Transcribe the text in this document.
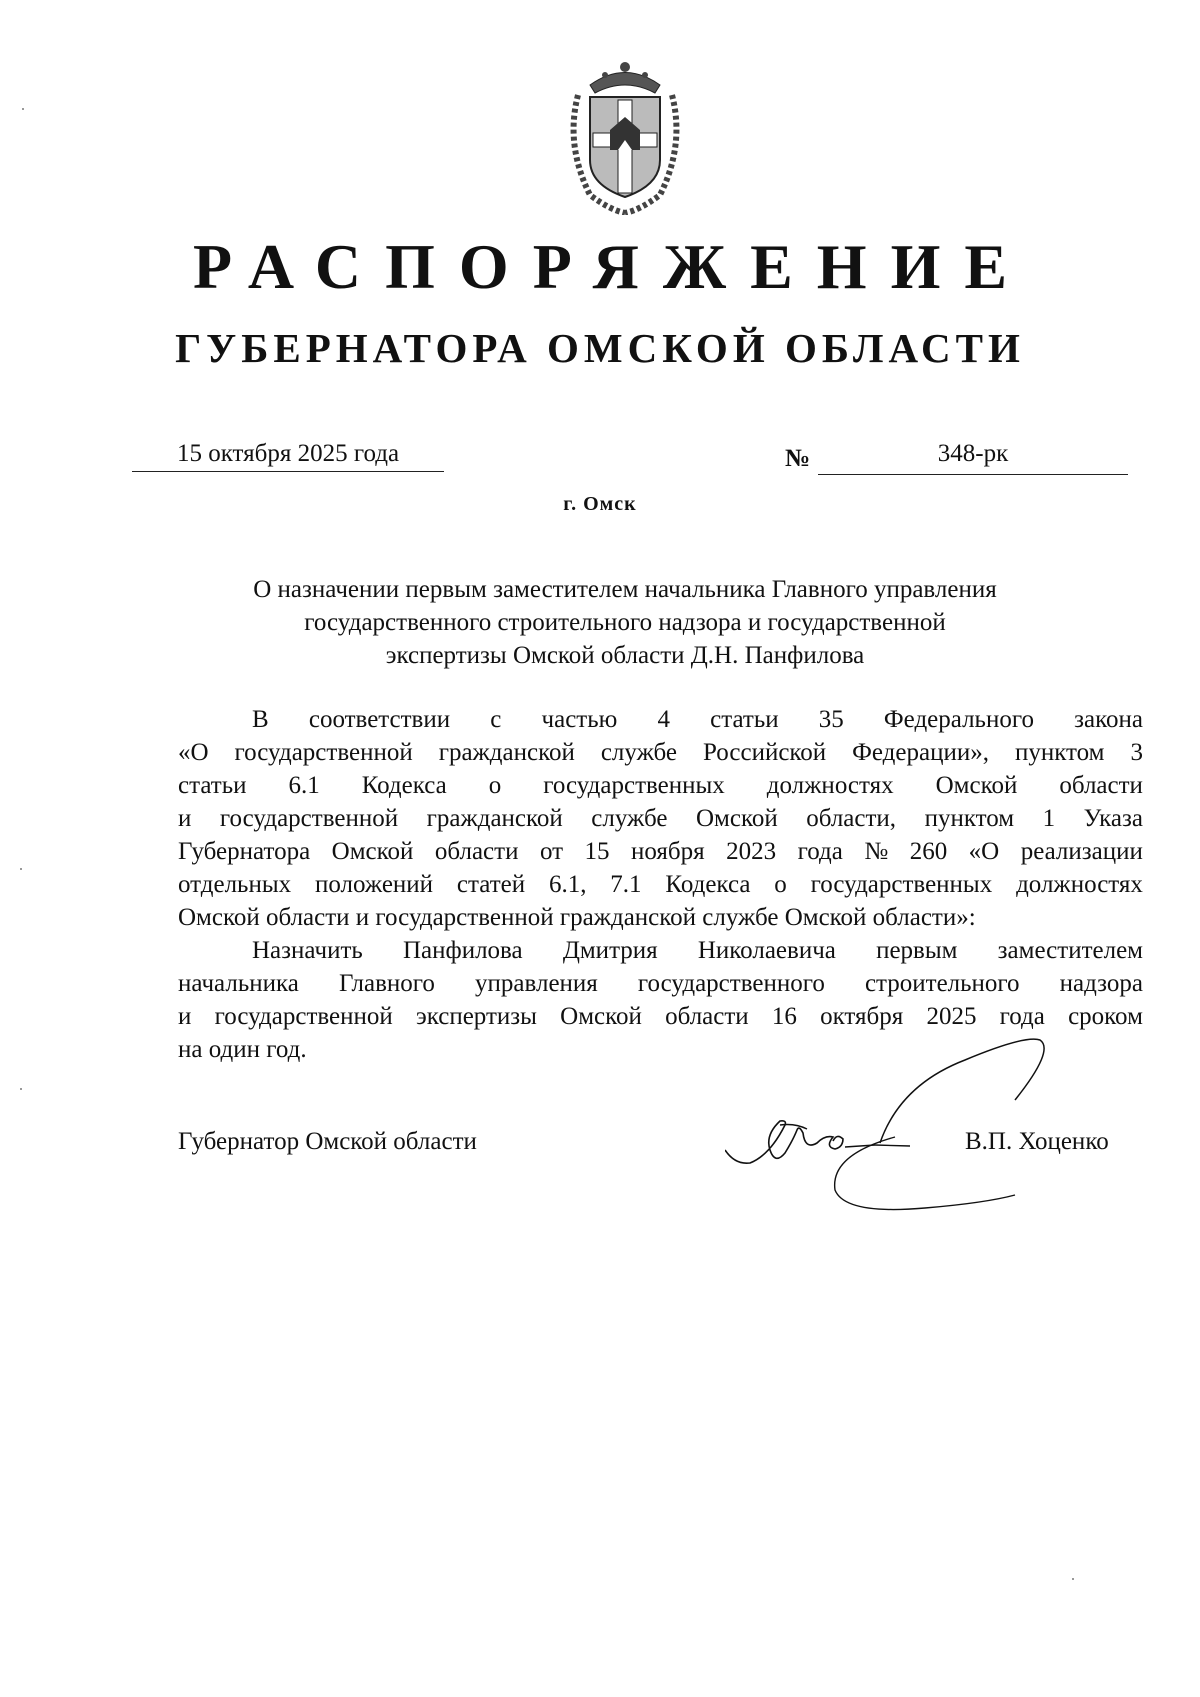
РАСПОРЯЖЕНИЕ
ГУБЕРНАТОРА ОМСКОЙ ОБЛАСТИ
15 октября 2025 года	№	348-рк
г. Омск
О назначении первым заместителем начальника Главного управления
государственного строительного надзора и государственной
экспертизы Омской области Д.Н. Панфилова
В соответствии с частью 4 статьи 35 Федерального закона
«О государственной гражданской службе Российской Федерации», пунктом 3
статьи 6.1 Кодекса о государственных должностях Омской области
и государственной гражданской службе Омской области, пунктом 1 Указа
Губернатора Омской области от 15 ноября 2023 года № 260 «О реализации
отдельных положений статей 6.1, 7.1 Кодекса о государственных должностях
Омской области и государственной гражданской службе Омской области»:
Назначить Панфилова Дмитрия Николаевича первым заместителем
начальника Главного управления государственного строительного надзора
и государственной экспертизы Омской области 16 октября 2025 года сроком
на один год.
Губернатор Омской области	В.П. Хоценко
